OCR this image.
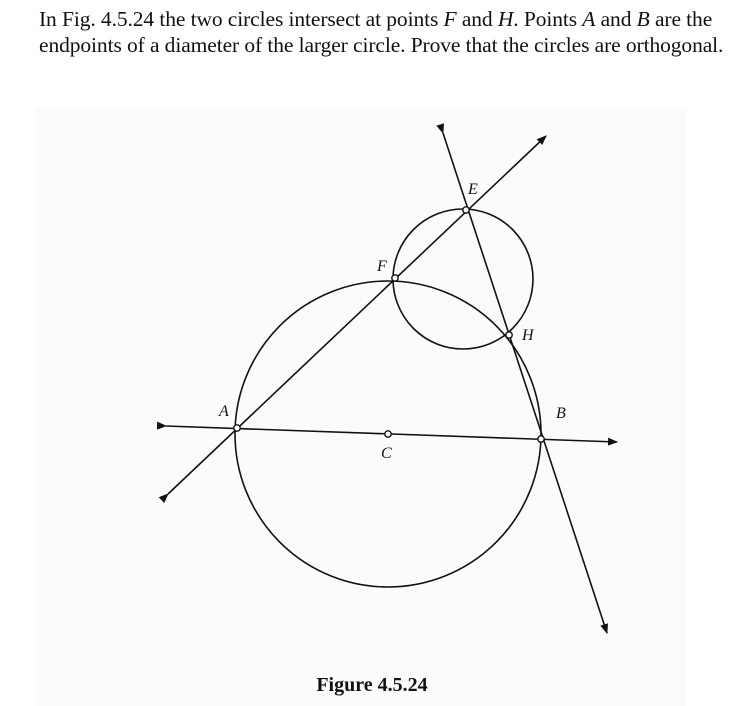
In Fig. 4.5.24 the two circles intersect at points F and H. Points A and B are the endpoints of a diameter of the larger circle. Prove that the circles are orthogonal.

A	B
C
E
F
H

Figure 4.5.24
